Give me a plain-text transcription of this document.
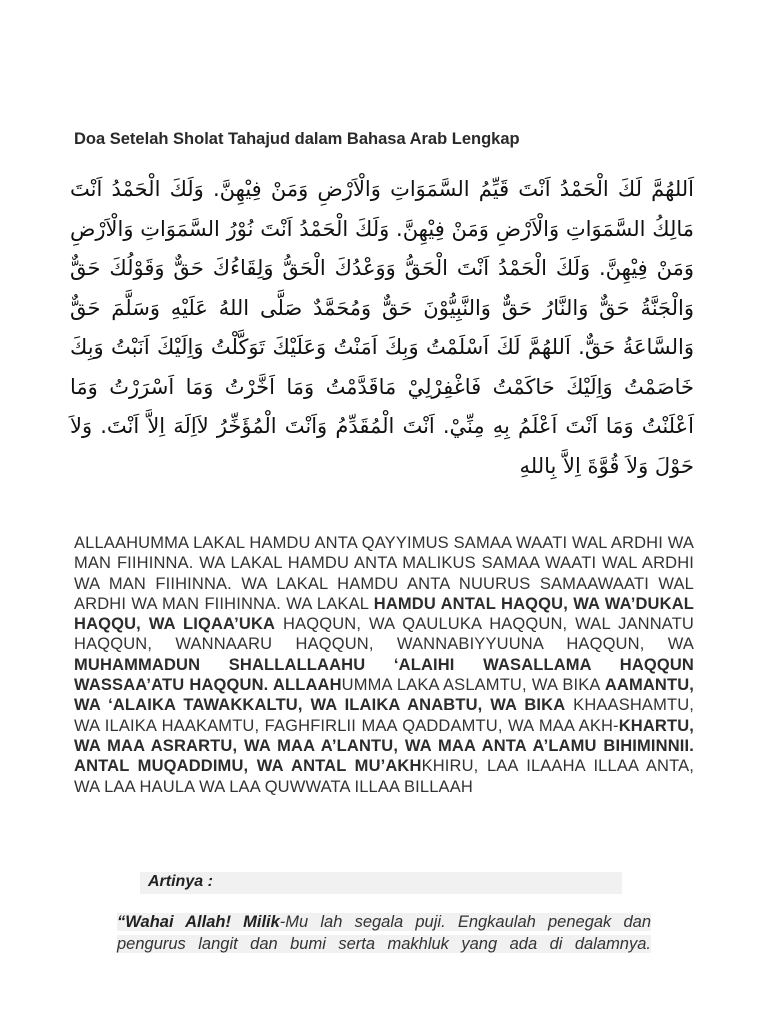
Doa Setelah Sholat Tahajud dalam Bahasa Arab Lengkap

اَللهُمَّ لَكَ الْحَمْدُ اَنْتَ قَيِّمُ السَّمَوَاتِ وَالْاَرْضِ وَمَنْ فِيْهِنَّ. وَلَكَ الْحَمْدُ اَنْتَ مَالِكُ السَّمَوَاتِ وَالْاَرْضِ وَمَنْ فِيْهِنَّ. وَلَكَ الْحَمْدُ اَنْتَ نُوْرُ السَّمَوَاتِ وَالْاَرْضِ وَمَنْ فِيْهِنَّ. وَلَكَ الْحَمْدُ اَنْتَ الْحَقُّ وَوَعْدُكَ الْحَقُّ وَلِقَاءُكَ حَقٌّ وَقَوْلُكَ حَقٌّ وَالْجَنَّةُ حَقٌّ وَالنَّارُ حَقٌّ وَالنَّبِيُّوْنَ حَقٌّ وَمُحَمَّدٌ صَلَّى اللهُ عَلَيْهِ وَسَلَّمَ حَقٌّ وَالسَّاعَةُ حَقٌّ. اَللهُمَّ لَكَ اَسْلَمْتُ وَبِكَ اَمَنْتُ وَعَلَيْكَ تَوَكَّلْتُ وَاِلَيْكَ اَنَبْتُ وَبِكَ خَاصَمْتُ وَاِلَيْكَ حَاكَمْتُ فَاغْفِرْلِيْ مَاقَدَّمْتُ وَمَا اَخَّرْتُ وَمَا اَسْرَرْتُ وَمَا اَعْلَنْتُ وَمَا اَنْتَ اَعْلَمُ بِهِ مِنِّيْ. اَنْتَ الْمُقَدِّمُ وَاَنْتَ الْمُؤَخِّرُ لاَاِلَهَ اِلاَّ اَنْتَ. وَلاَ حَوْلَ وَلاَ قُوَّةَ اِلاَّ بِاللهِ

ALLAAHUMMA LAKAL HAMDU ANTA QAYYIMUS SAMAA WAATI WAL ARDHI WA MAN FIIHINNA. WA LAKAL HAMDU ANTA MALIKUS SAMAA WAATI WAL ARDHI WA MAN FIIHINNA. WA LAKAL HAMDU ANTA NUURUS SAMAAWAATI WAL ARDHI WA MAN FIIHINNA. WA LAKAL HAMDU ANTAL HAQQU, WA WA’DUKAL HAQQU, WA LIQAA’UKA HAQQUN, WA QAULUKA HAQQUN, WAL JANNATU HAQQUN, WANNAARU HAQQUN, WANNABIYYUUNA HAQQUN, WA MUHAMMADUN SHALLALLAAHU ‘ALAIHI WASALLAMA HAQQUN WASSAA’ATU HAQQUN. ALLAAHUMMA LAKA ASLAMTU, WA BIKA AAMANTU, WA ‘ALAIKA TAWAKKALTU, WA ILAIKA ANABTU, WA BIKA KHAASHAMTU, WA ILAIKA HAAKAMTU, FAGHFIRLII MAA QADDAMTU, WA MAA AKH-KHARTU, WA MAA ASRARTU, WA MAA A’LANTU, WA MAA ANTA A’LAMU BIHIMINNII. ANTAL MUQADDIMU, WA ANTAL MU’AKHKHIRU, LAA ILAAHA ILLAA ANTA, WA LAA HAULA WA LAA QUWWATA ILLAA BILLAAH

Artinya :

“Wahai Allah! Milik-Mu lah segala puji. Engkaulah penegak dan pengurus langit dan bumi serta makhluk yang ada di dalamnya.
